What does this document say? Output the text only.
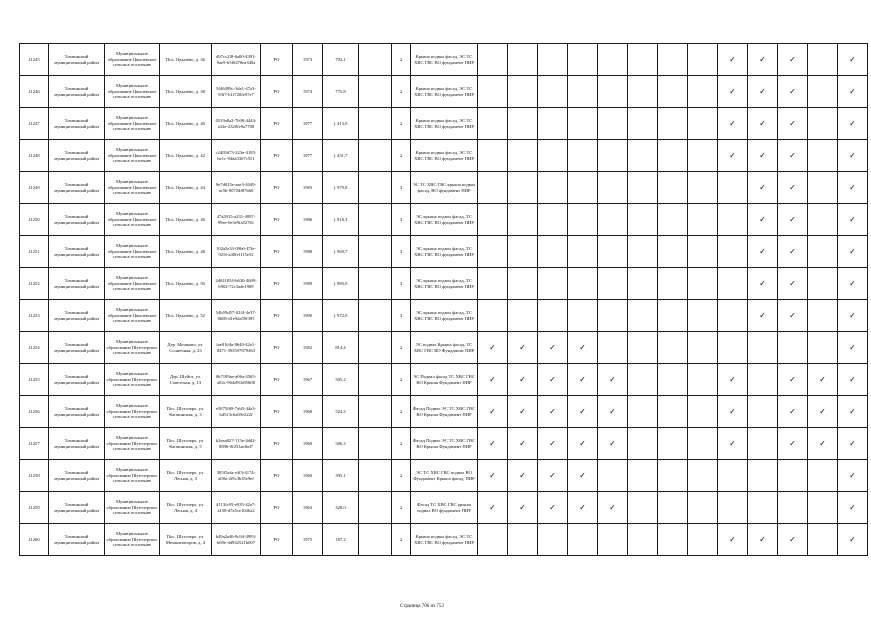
11245	Тихвинский муниципальный район	Муниципальное образование Цвылевское сельское поселение	Пос. Цвылёво, д. 36	d97cc2f8-6a00-4391-9ae9-b5f6478ea340a	РО	1973	792,1		2	Крыша подвал фасад, ЭС ТС ХВС ГВС ВО фундамент ПИР									✓	✓	✓		✓
11246	Тихвинский муниципальный район	Муниципальное образование Цвылевское сельское поселение	Пос. Цвылёво, д. 38	5f46499c-3de1-47a3-93f7-b1f720fe97e7	РО	1974	775,8		2	Крыша подвал фасад, ЭС ТС ХВС ГВС ВО фундамент ПИР									✓	✓	✓		✓
11247	Тихвинский муниципальный район	Муниципальное образование Цвылевское сельское поселение	Пос. Цвылёво, д. 40	0519a8a2-7b90-4444-a32e-2320fe9a7708	РО	1977	1 413,0		2	Крыша подвал фасад, ЭС ТС ХВС ГВС ВО фундамент ПИР									✓	✓	✓		✓
11248	Тихвинский муниципальный район	Муниципальное образование Цвылевское сельское поселение	Пос. Цвылёво, д. 42	c2405d73-223e-4185-be1c-94da3367c551	РО	1977	1 431,7		2	Крыша подвал фасад, ЭС ТС ХВС ГВС ВО фундамент ПИР									✓	✓	✓		✓
11249	Тихвинский муниципальный район	Муниципальное образование Цвылевское сельское поселение	Пос. Цвылёво, д. 44	8e7d015e-aae3-4049-ac5b-0075df87b66	РО	1983	1 979,8		3	ЭС ТС ХВС ГВС крыша подвал фасад, ВО фундамент ПИР										✓	✓		✓
11250	Тихвинский муниципальный район	Муниципальное образование Цвылевское сельское поселение	Пос. Цвылёво, д. 46	47a5915-a231-4897-99ee-0e3e9fa52761	РО	1986	1 918,3		3	ЭС крыша подвал фасад, ТС ХВС ГВС ВО фундамент ПИР										✓	✓		✓
11251	Тихвинский муниципальный район	Муниципальное образование Цвылевское сельское поселение	Пос. Цвылёво, д. 48	102a5e33-09b6-47fe-925f-a40fef115e52	РО	1988	1 969,7		3	ЭС крыша подвал фасад, ТС ХВС ГВС ВО фундамент ПИР										✓	✓		✓
11252	Тихвинский муниципальный район	Муниципальное образование Цвылевское сельское поселение	Пос. Цвылёво, д. 50	2d041054-b630-4609-b902-72c3ade1989	РО	1989	1 983,0		3	ЭС крыша подвал фасад, ТС ХВС ГВС ВО фундамент ПИР										✓	✓		✓
11253	Тихвинский муниципальный район	Муниципальное образование Цвылевское сельское поселение	Пос. Цвылёво, д. 52	54b59d57-02f4-4e37-8608-d1e9da59f395	РО	1990	1 972,0		3	ЭС крыша подвал фасад, ТС ХВС ГВС ВО фундамент ПИР										✓	✓		✓
11254	Тихвинский муниципальный район	Муниципальное образование Шугозерское сельское поселение	Дер. Мошково, ул. Солнечная, д. 23	fae0164a-8640-42a1-8471-393597879463	РО	1982	814,4		2	ЭС подвал Крыша фасад, ТС ХВС ГВС ВО Фундамент ПИР	✓	✓	✓	✓									✓
11255	Тихвинский муниципальный район	Муниципальное образование Шугозерское сельское поселение	Дер. Шуйга, ул. Советская, д. 13	0b7189ae-a06a-4565-a82c-964d91b85608	РО	1967	505,2		2	ЭС Подвал фасад ТС ХВС ГВС ВО Крыша Фундамент ПИР	✓	✓	✓	✓	✓				✓		✓	✓	✓
11256	Тихвинский муниципальный район	Муниципальное образование Шугозерское сельское поселение	Пос. Шугозеро, ул. Каппинская, д. 3	e5675f69-7dd3-44a3-bd513c6a69e222f	РО	1968	524,3		2	Фасад Подвал ЭС ТС ХВС ГВС ВО Крыша Фундамент ПИР	✓	✓	✓	✓	✓				✓		✓	✓	✓
11257	Тихвинский муниципальный район	Муниципальное образование Шугозерское сельское поселение	Пос. Шугозеро, ул. Каппинская, д. 5	b2eaa827-115e-4dd2-8896-0f253aefbd7	РО	1969	506,3		2	Фасад Подвал ЭС ТС ХВС ГВС ВО Крыша Фундамент ПИР	✓	✓	✓	✓	✓				✓		✓	✓	✓
11258	Тихвинский муниципальный район	Муниципальное образование Шугозерское сельское поселение	Пос. Шугозеро, ул. Лесная, д. 3	385f5efa-e4f3-4174-a08a-2f9c3b35e9ef	РО	1960	395,1		2	ЭС ТС ХВС ГВС подвал ВО Фундамент Крыша фасад, ПИР	✓	✓	✓	✓									✓
11259	Тихвинский муниципальный район	Муниципальное образование Шугозерское сельское поселение	Пос. Шугозеро, ул. Лесная, д. 4	4113fc95-e935-42a7-a158-d7a5ce1046a2	РО	1963	328,0		2	Фасад ТС ХВС ГВС крыша подвал ВО фундамент ПИР	✓	✓	✓	✓	✓								✓
11260	Тихвинский муниципальный район	Муниципальное образование Шугозерское сельское поселение	Пос. Шугозеро, ул. Механизаторов, д. 4	b49a2a46-8c94-4993-b60e-4d942521b007	РО	1975	187,2		2	Крыша подвал фасад, ЭС ТС ХВС ГВС ВО фундамент ПИР									✓	✓	✓		✓
Страница 706 из 753
